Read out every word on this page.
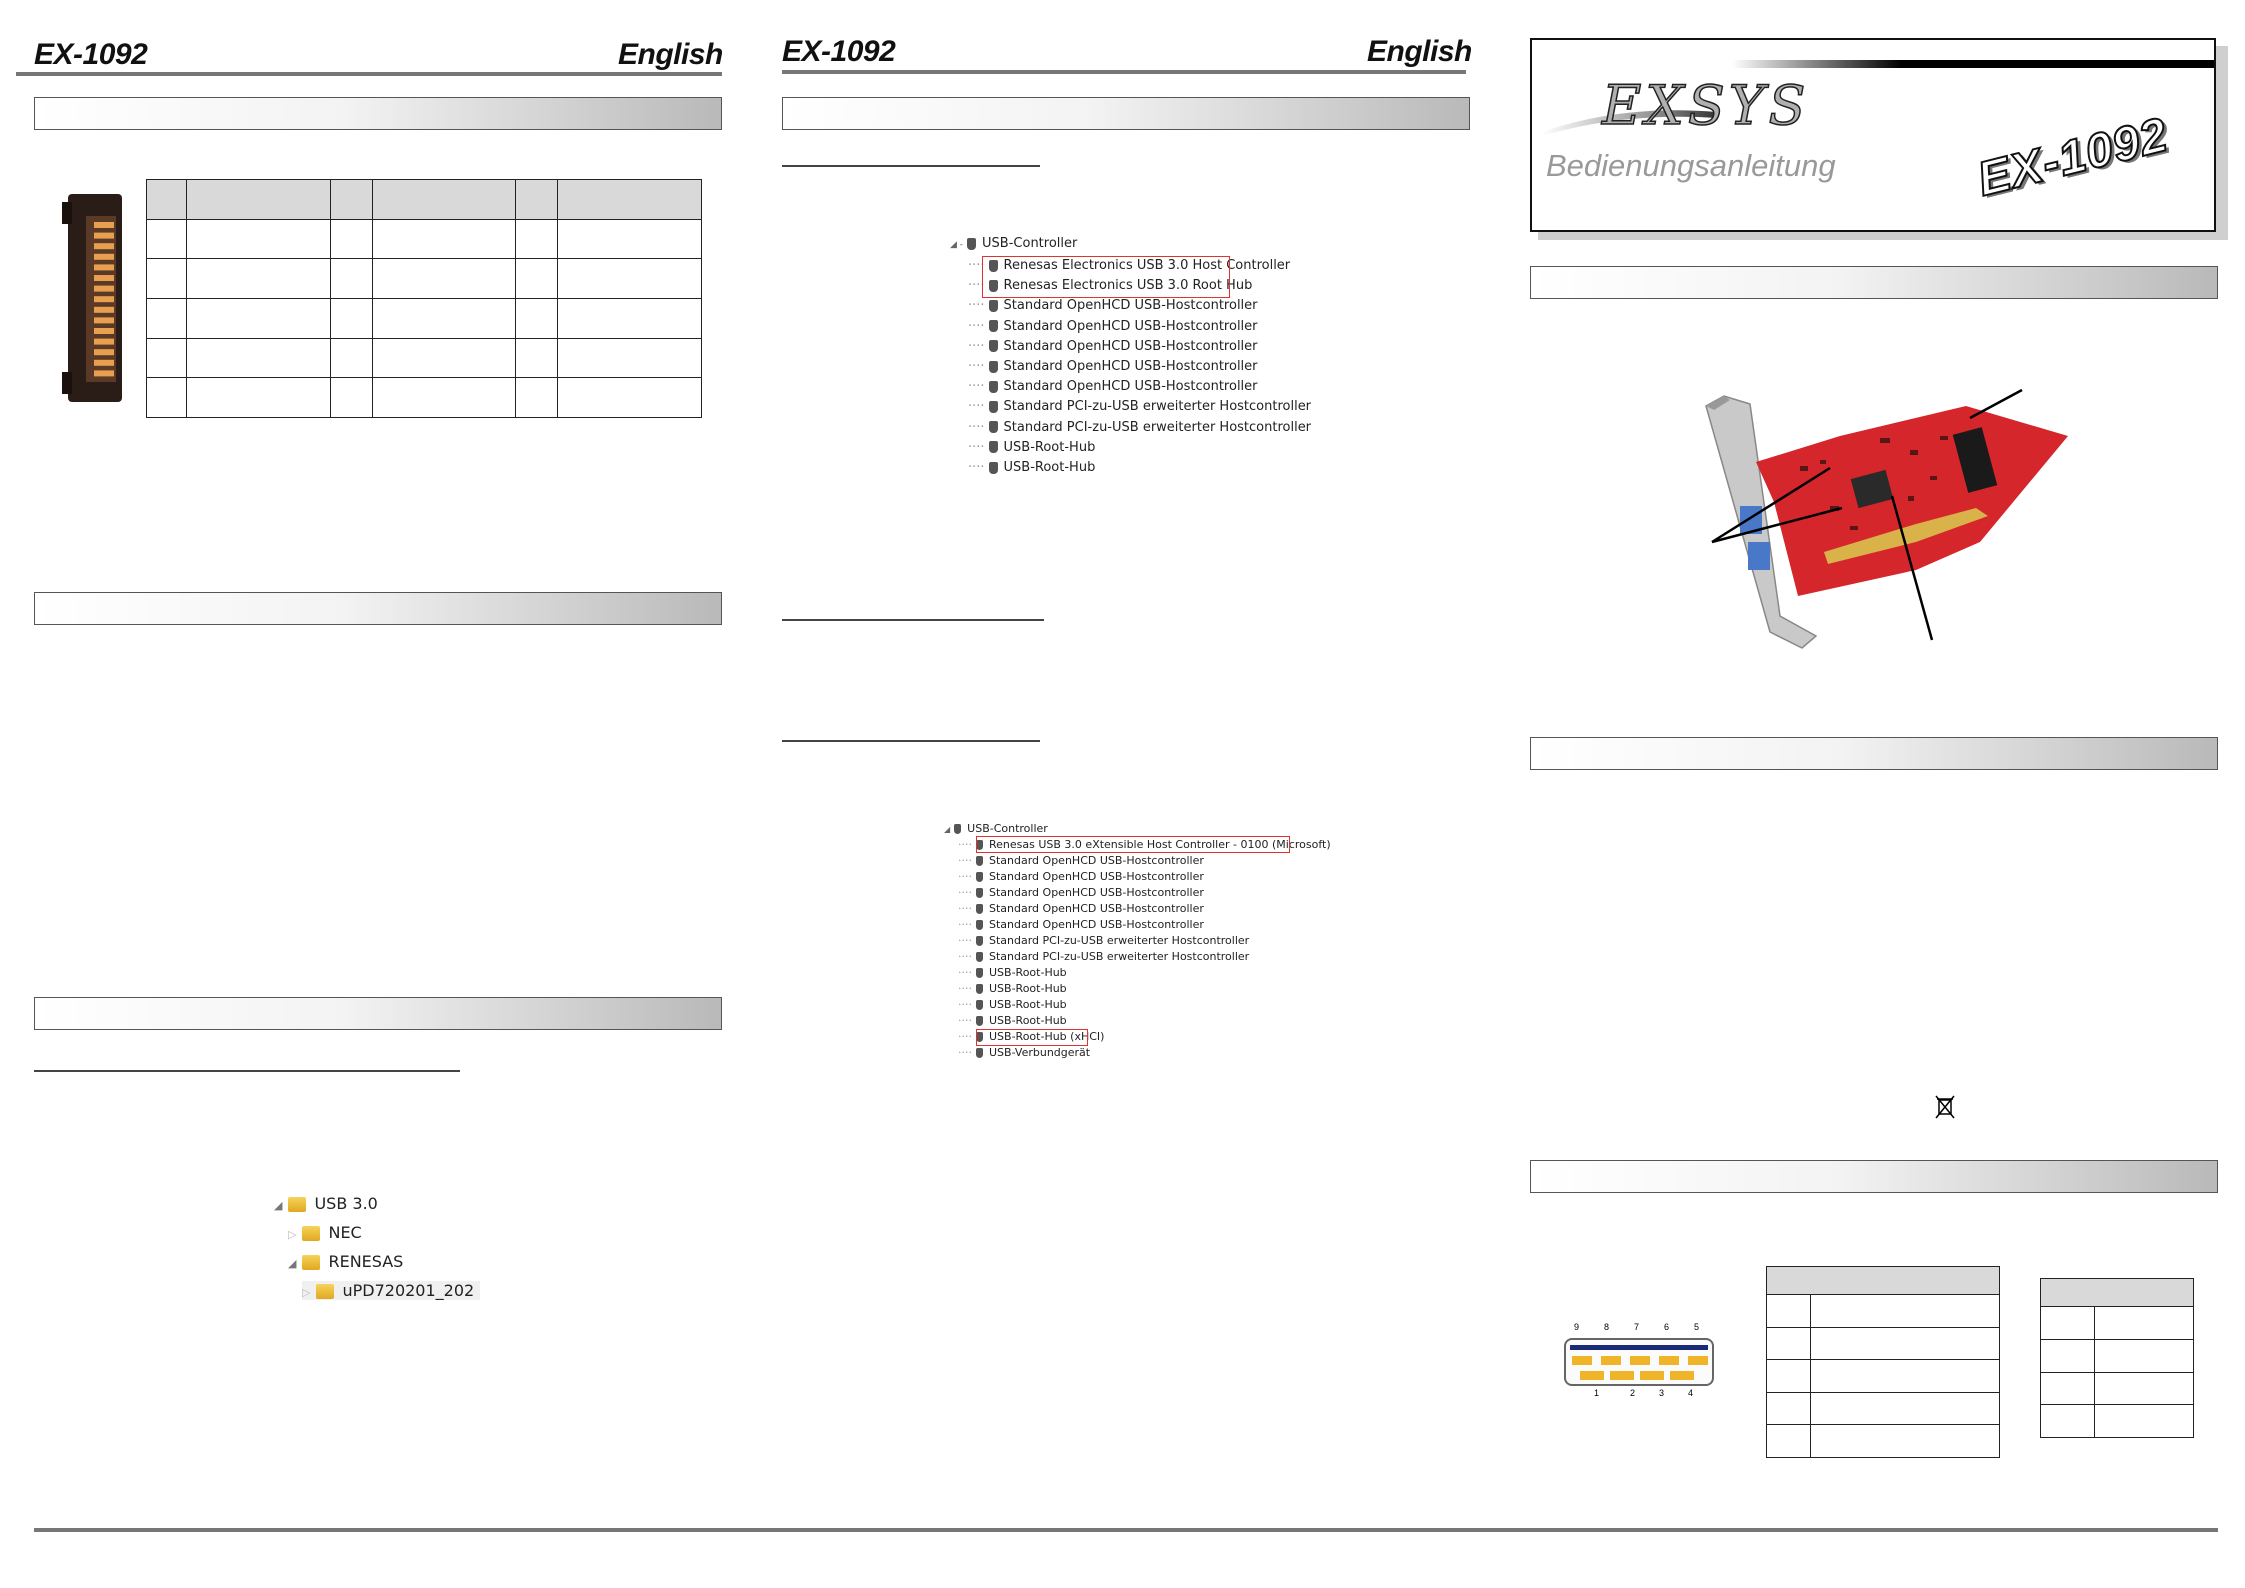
EX-1092	English

◢ USB 3.0
▷ NEC
◢ RENESAS
▷ uPD720201_202
EX-1092	English
◢ - USB-Controller
···· Renesas Electronics USB 3.0 Host Controller
···· Renesas Electronics USB 3.0 Root Hub
···· Standard OpenHCD USB-Hostcontroller
···· Standard OpenHCD USB-Hostcontroller
···· Standard OpenHCD USB-Hostcontroller
···· Standard OpenHCD USB-Hostcontroller
···· Standard OpenHCD USB-Hostcontroller
···· Standard PCI-zu-USB erweiterter Hostcontroller
···· Standard PCI-zu-USB erweiterter Hostcontroller
···· USB-Root-Hub
···· USB-Root-Hub
◢ USB-Controller
···· Renesas USB 3.0 eXtensible Host Controller - 0100 (Microsoft)
···· Standard OpenHCD USB-Hostcontroller
···· Standard OpenHCD USB-Hostcontroller
···· Standard OpenHCD USB-Hostcontroller
···· Standard OpenHCD USB-Hostcontroller
···· Standard OpenHCD USB-Hostcontroller
···· Standard PCI-zu-USB erweiterter Hostcontroller
···· Standard PCI-zu-USB erweiterter Hostcontroller
···· USB-Root-Hub
···· USB-Root-Hub
···· USB-Root-Hub
···· USB-Root-Hub
···· USB-Root-Hub (xHCI)
···· USB-Verbundgerät
EXSYS
Bedienungsanleitung	EX-1092
9	8	7	6	5
1	2	3	4
